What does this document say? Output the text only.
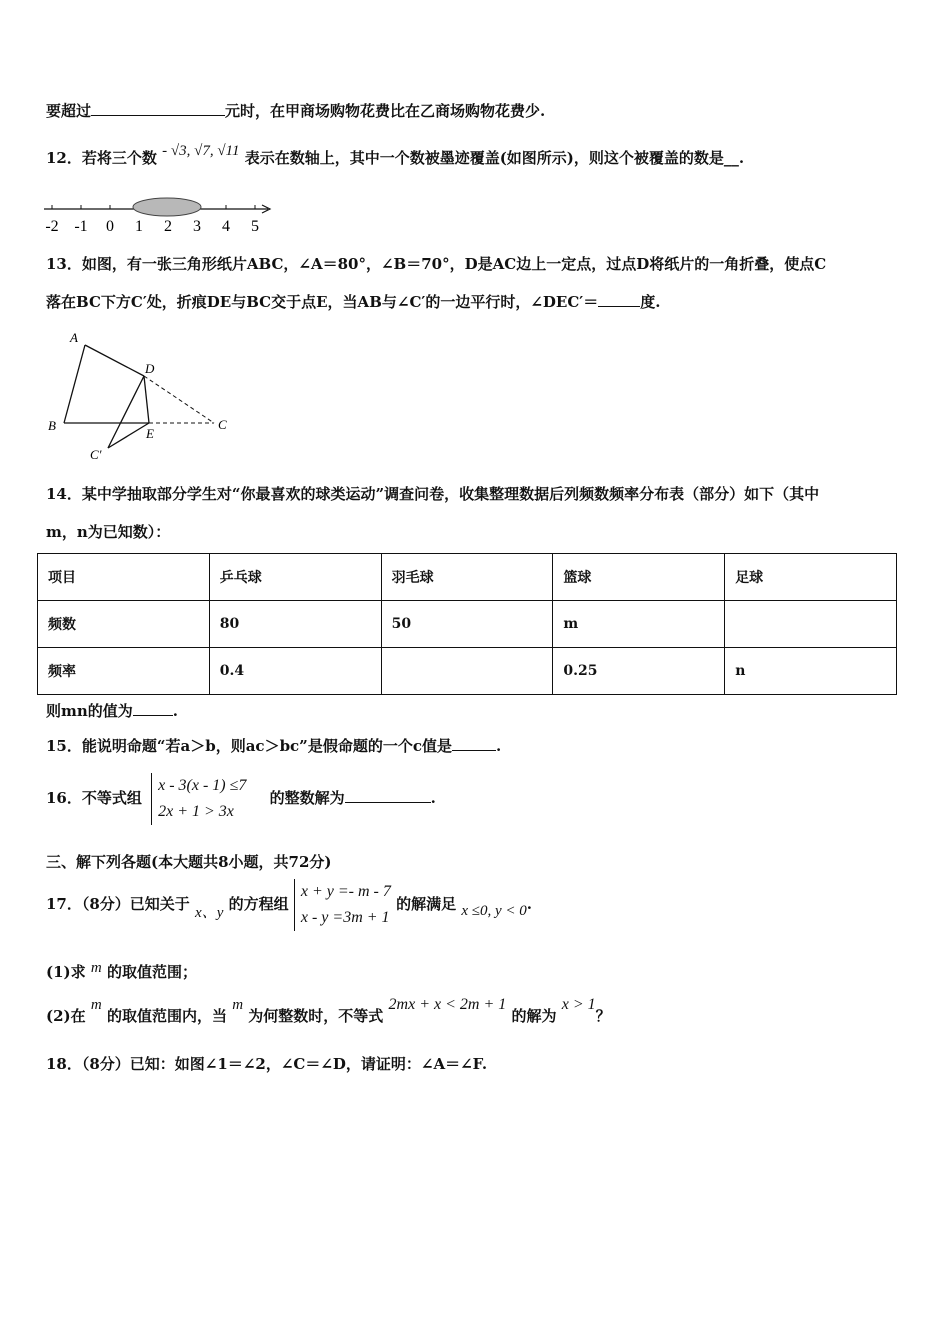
要超过	元时，在甲商场购物花费比在乙商场购物花费少.
12．若将三个数 - √3, √7, √11 表示在数轴上，其中一个数被墨迹覆盖(如图所示)，则这个被覆盖的数是__.
-2 -1 0 1 2 3 4 5
13．如图，有一张三角形纸片ABC，∠A＝80°，∠B＝70°，D是AC边上一定点，过点D将纸片的一角折叠，使点C
落在BC下方C′处，折痕DE与BC交于点E，当AB与∠C′的一边平行时，∠DEC′＝	度.
A
B	C
D
E
C′
14．某中学抽取部分学生对“你最喜欢的球类运动”调查问卷，收集整理数据后列频数频率分布表（部分）如下（其中
m，n为已知数）：
项目	乒乓球	羽毛球	篮球	足球
频数	80	50	m	
频率	0.4		0.25	n
则mn的值为	.
15．能说明命题“若a＞b，则ac＞bc”是假命题的一个c值是	.
16．不等式组
x - 3(x - 1) ≤7
2x + 1 > 3x
的整数解为	.
三、解下列各题(本大题共8小题，共72分)
17．（8分）已知关于 x、y 的方程组
x + y =- m - 7
x - y =3m + 1
的解满足 x ≤0, y < 0.
(1)求 m 的取值范围；
(2)在 m 的取值范围内，当 m 为何整数时，不等式 2mx + x < 2m + 1 的解为 x > 1？
18．（8分）已知：如图∠1＝∠2，∠C＝∠D，请证明：∠A＝∠F.
